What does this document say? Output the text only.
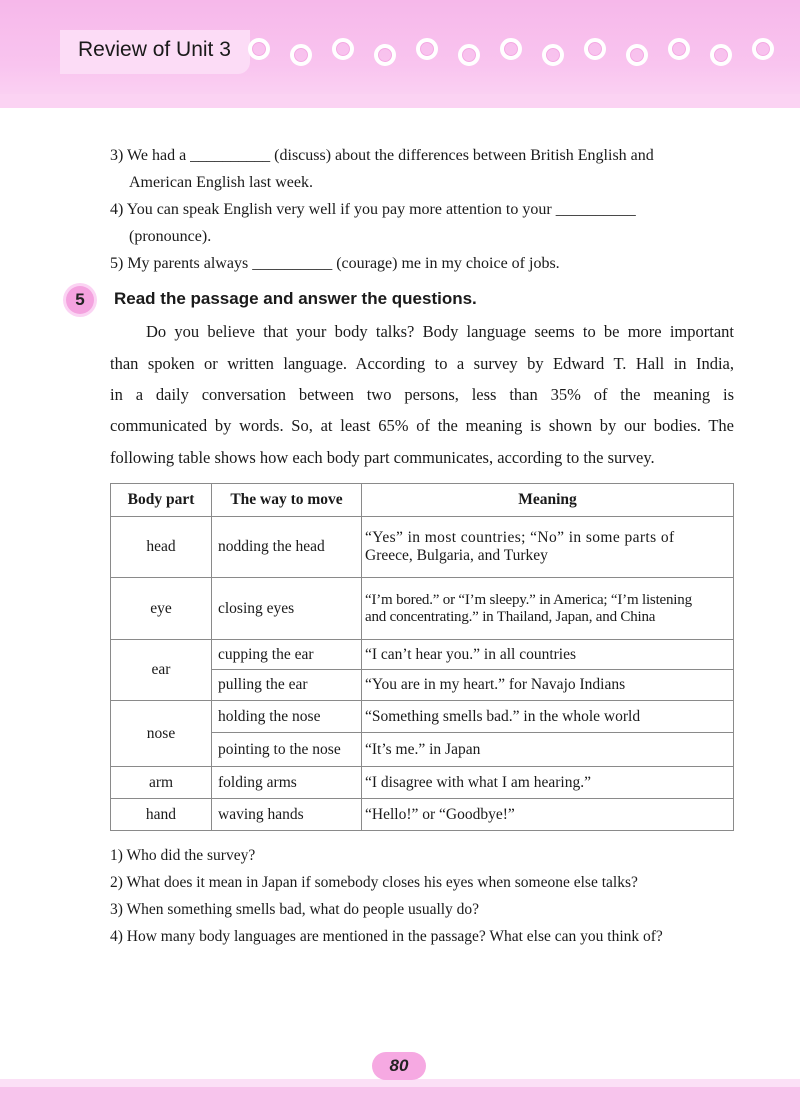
Review of Unit 3
3) We had a __________ (discuss) about the differences between British English and
American English last week.
4) You can speak English very well if you pay more attention to your __________
(pronounce).
5) My parents always __________ (courage) me in my choice of jobs.
5	Read the passage and answer the questions.
Do you believe that your body talks? Body language seems to be more important
than spoken or written language. According to a survey by Edward T. Hall in India,
in a daily conversation between two persons, less than 35% of the meaning is
communicated by words. So, at least 65% of the meaning is shown by our bodies. The
following table shows how each body part communicates, according to the survey.
Body part	The way to move	Meaning
head	nodding the head	“Yes” in most countries; “No” in some parts of
Greece, Bulgaria, and Turkey

eye	closing eyes	“I’m bored.” or “I’m sleepy.” in America; “I’m listening
and concentrating.” in Thailand, Japan, and China

ear	cupping the ear	“I can’t hear you.” in all countries
	pulling the ear	“You are in my heart.” for Navajo Indians
nose	holding the nose	“Something smells bad.” in the whole world
	pointing to the nose	“It’s me.” in Japan
arm	folding arms	“I disagree with what I am hearing.”
hand	waving hands	“Hello!” or “Goodbye!”
1) Who did the survey?
2) What does it mean in Japan if somebody closes his eyes when someone else talks?
3) When something smells bad, what do people usually do?
4) How many body languages are mentioned in the passage? What else can you think of?
80
